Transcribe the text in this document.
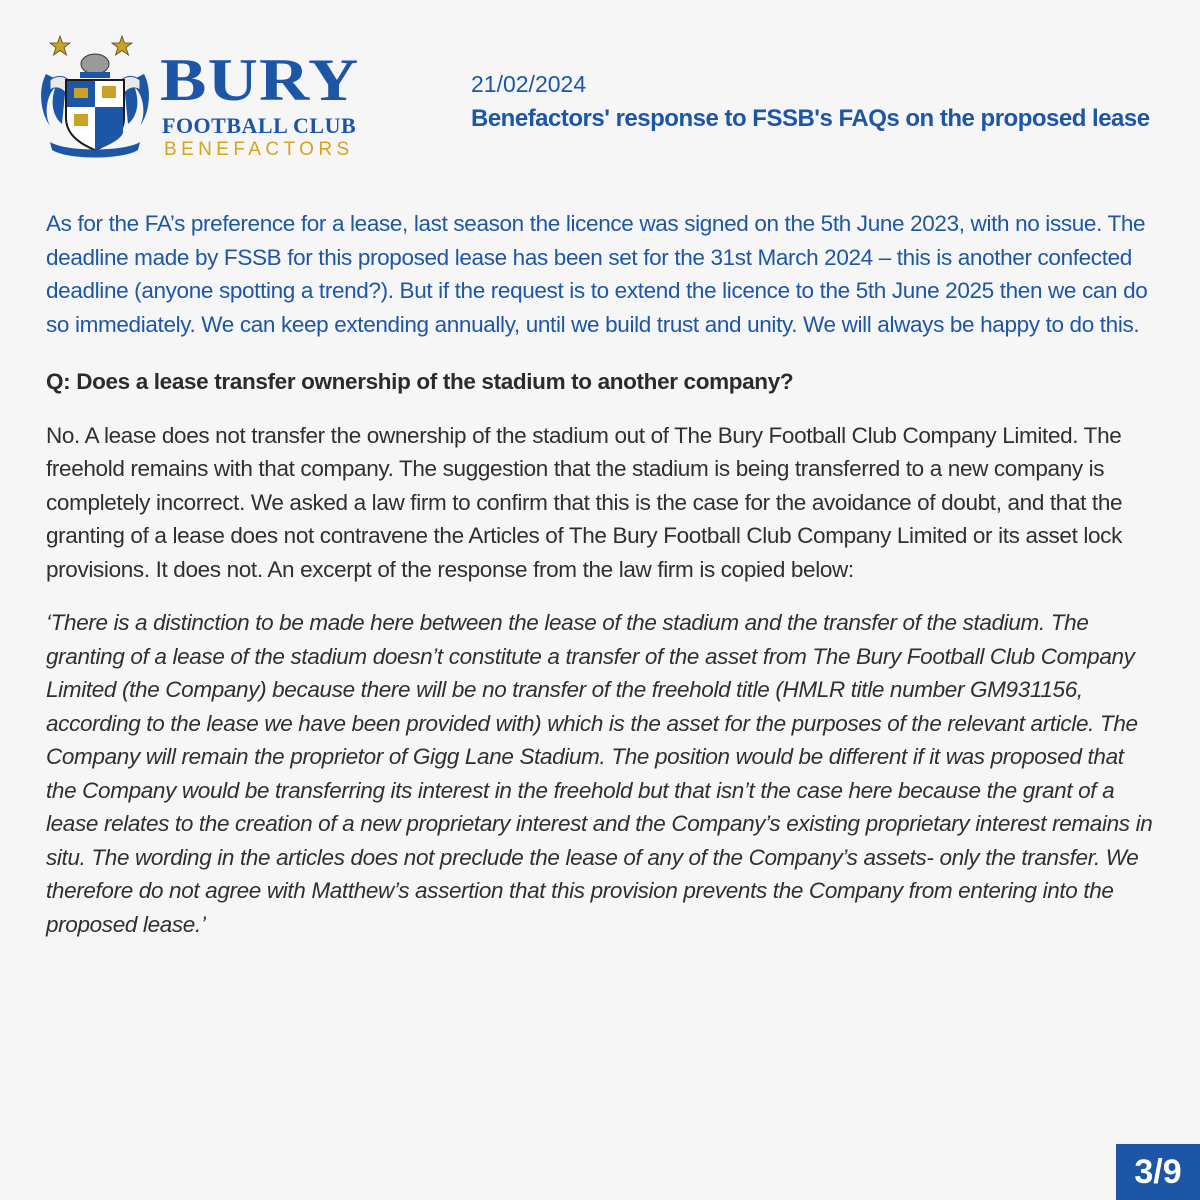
BURY
FOOTBALL CLUB
BENEFACTORS
21/02/2024
Benefactors' response to FSSB's FAQs on the proposed lease

As for the FA’s preference for a lease, last season the licence was signed on the 5th June 2023, with no issue. The deadline made by FSSB for this proposed lease has been set for the 31st March 2024 – this is another confected deadline (anyone spotting a trend?). But if the request is to extend the licence to the 5th June 2025 then we can do so immediately. We can keep extending annually, until we build trust and unity. We will always be happy to do this.

Q: Does a lease transfer ownership of the stadium to another company?

No. A lease does not transfer the ownership of the stadium out of The Bury Football Club Company Limited. The freehold remains with that company. The suggestion that the stadium is being transferred to a new company is completely incorrect. We asked a law firm to confirm that this is the case for the avoidance of doubt, and that the granting of a lease does not contravene the Articles of The Bury Football Club Company Limited or its asset lock provisions. It does not. An excerpt of the response from the law firm is copied below:

‘There is a distinction to be made here between the lease of the stadium and the transfer of the stadium. The granting of a lease of the stadium doesn’t constitute a transfer of the asset from The Bury Football Club Company Limited (the Company) because there will be no transfer of the freehold title (HMLR title number GM931156, according to the lease we have been provided with) which is the asset for the purposes of the relevant article. The Company will remain the proprietor of Gigg Lane Stadium. The position would be different if it was proposed that the Company would be transferring its interest in the freehold but that isn’t the case here because the grant of a lease relates to the creation of a new proprietary interest and the Company’s existing proprietary interest remains in situ. The wording in the articles does not preclude the lease of any of the Company’s assets- only the transfer. We therefore do not agree with Matthew’s assertion that this provision prevents the Company from entering into the proposed lease.’

3/9
